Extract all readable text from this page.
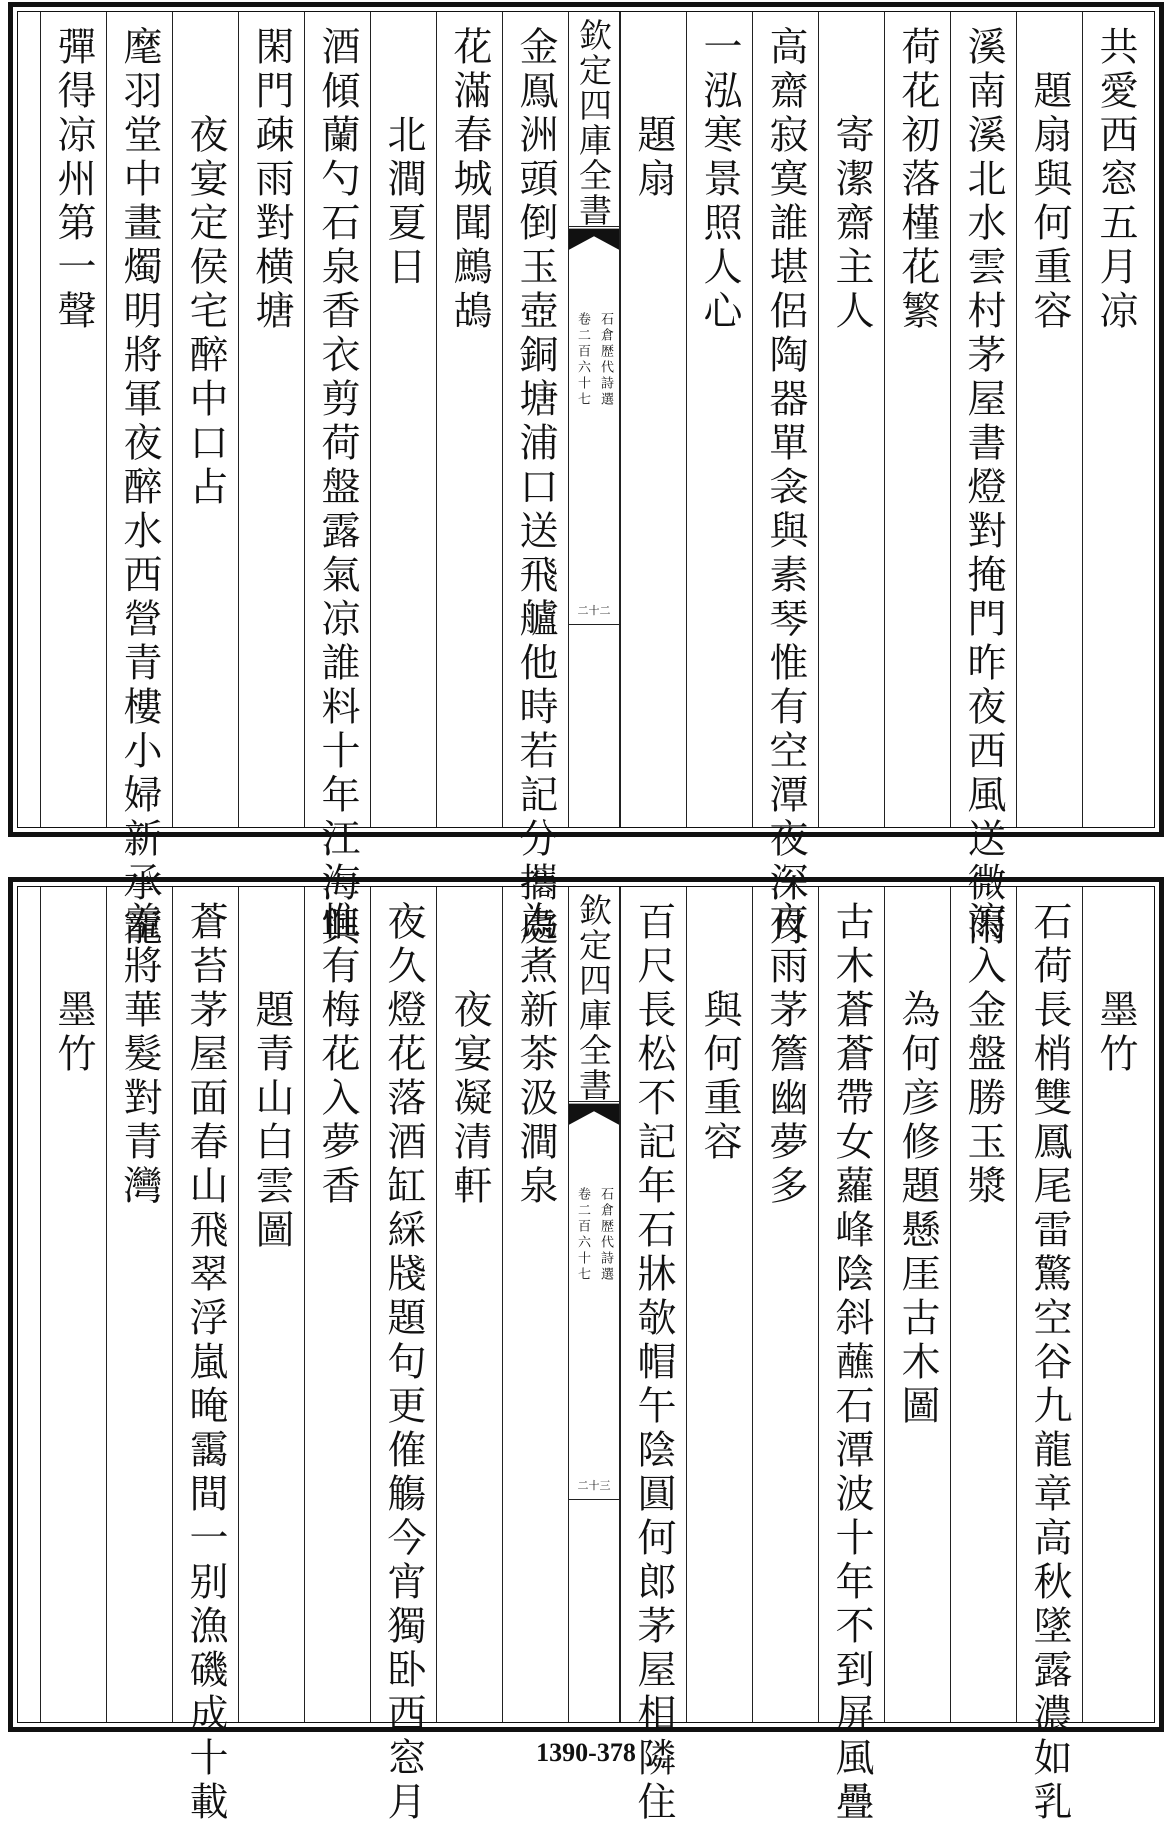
共愛西窓五月凉
題扇與何重容
溪南溪北水雲村茅屋書燈對掩門昨夜西風送微雨
荷花初落槿花繁
寄潔齋主人
高齋寂寞誰堪侶陶器單衾與素琴惟有空潭夜深月
一泓寒景照人心
題扇
欽定四庫全書
石倉歴代詩選
卷二百六十七
二十二
金鳯洲頭倒玉壺銅塘浦口送飛艫他時若記分攜處
花滿春城聞鷓鴣
北澗夏日
酒傾蘭勺石泉香衣剪荷盤露氣凉誰料十年江海興
閑門疎雨對横塘
夜宴定侯宅醉中口占
麾羽堂中畫燭明將軍夜醉水西營青樓小婦新承寵
彈得凉州第一聲
墨竹
石荷長梢雙鳳尾雷驚空谷九龍章高秋墜露濃如乳
瀉入金盤勝玉漿
為何彦修題懸厓古木圖
古木蒼蒼帶女蘿峰陰斜蘸石潭波十年不到屏風疊
夜雨茅簷幽夢多
與何重容
百尺長松不記年石牀欹帽午陰圓何郎茅屋相隣住
欽定四庫全書
石倉歴代詩選
卷二百六十七
二十三
為煮新茶汲澗泉
夜宴凝清軒
夜久燈花落酒缸綵牋題句更傕觴今宵獨卧西窓月
惟有梅花入夢香
題青山白雲圖
蒼苔茅屋面春山飛翠浮嵐晻靄間一别漁磯成十載
羞將華髮對青灣
墨竹
1390-378
